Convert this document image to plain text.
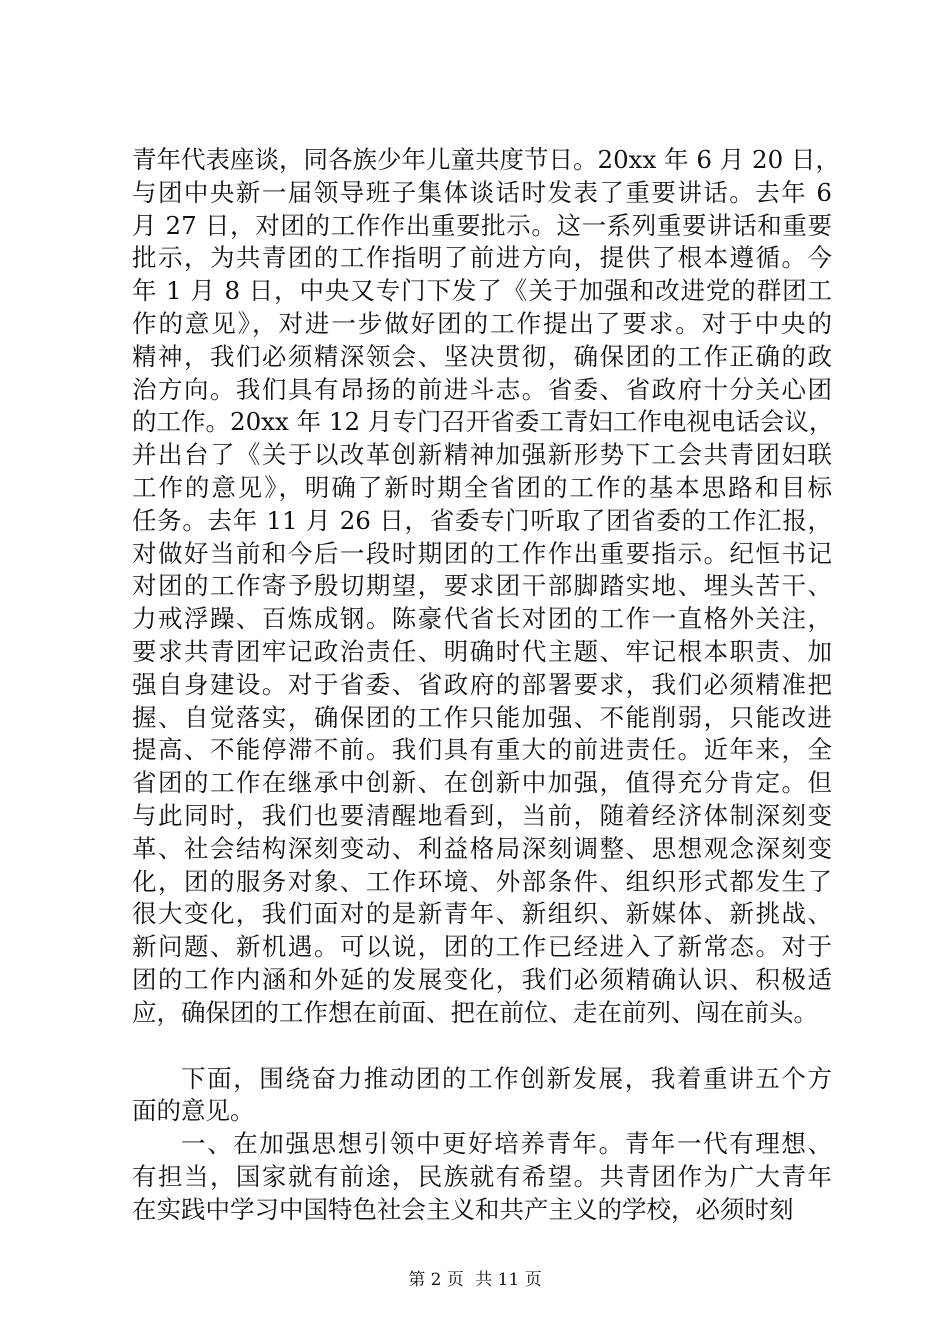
青年代表座谈，同各族少年儿童共度节日。20xx 年 6 月 20 日，
与团中央新一届领导班子集体谈话时发表了重要讲话。去年 6
月 27 日，对团的工作作出重要批示。这一系列重要讲话和重要
批示，为共青团的工作指明了前进方向，提供了根本遵循。今
年 1 月 8 日，中央又专门下发了《关于加强和改进党的群团工
作的意见》，对进一步做好团的工作提出了要求。对于中央的
精神，我们必须精深领会、坚决贯彻，确保团的工作正确的政
治方向。我们具有昂扬的前进斗志。省委、省政府十分关心团
的工作。20xx 年 12 月专门召开省委工青妇工作电视电话会议，
并出台了《关于以改革创新精神加强新形势下工会共青团妇联
工作的意见》，明确了新时期全省团的工作的基本思路和目标
任务。去年 11 月 26 日，省委专门听取了团省委的工作汇报，
对做好当前和今后一段时期团的工作作出重要指示。纪恒书记
对团的工作寄予殷切期望，要求团干部脚踏实地、埋头苦干、
力戒浮躁、百炼成钢。陈豪代省长对团的工作一直格外关注，
要求共青团牢记政治责任、明确时代主题、牢记根本职责、加
强自身建设。对于省委、省政府的部署要求，我们必须精准把
握、自觉落实，确保团的工作只能加强、不能削弱，只能改进
提高、不能停滞不前。我们具有重大的前进责任。近年来，全
省团的工作在继承中创新、在创新中加强，值得充分肯定。但
与此同时，我们也要清醒地看到，当前，随着经济体制深刻变
革、社会结构深刻变动、利益格局深刻调整、思想观念深刻变
化，团的服务对象、工作环境、外部条件、组织形式都发生了
很大变化，我们面对的是新青年、新组织、新媒体、新挑战、
新问题、新机遇。可以说，团的工作已经进入了新常态。对于
团的工作内涵和外延的发展变化，我们必须精确认识、积极适
应，确保团的工作想在前面、把在前位、走在前列、闯在前头。
下面，围绕奋力推动团的工作创新发展，我着重讲五个方
面的意见。
一、在加强思想引领中更好培养青年。青年一代有理想、
有担当，国家就有前途，民族就有希望。共青团作为广大青年
在实践中学习中国特色社会主义和共产主义的学校，必须时刻
第 2 页 共 11 页
